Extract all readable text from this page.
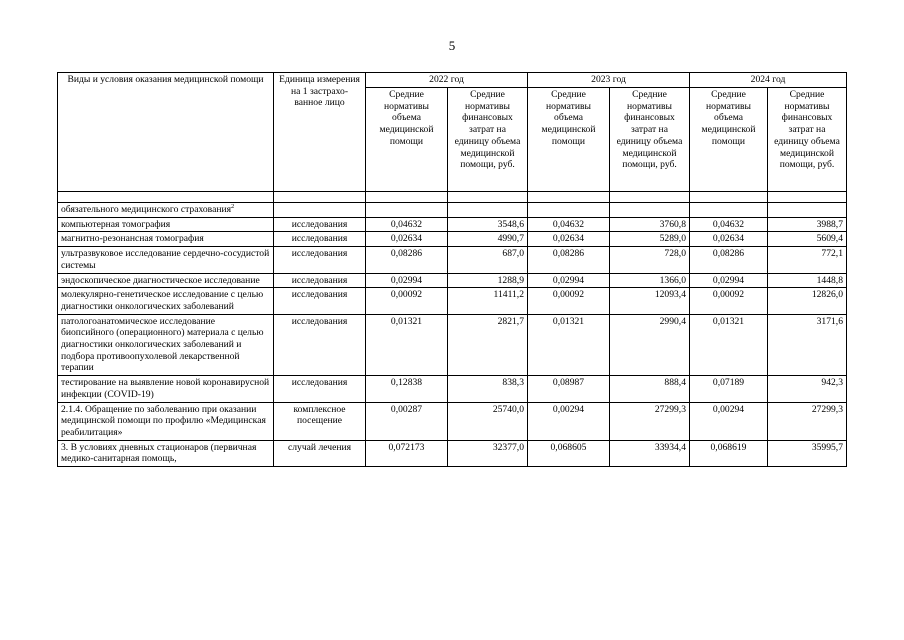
5
Виды и условия оказания медицинской помощи	Единица измерения на 1 застрахо-ванное лицо	2022 год		2023 год		2024 год	
		Средние нормативы объема медицинской помощи	Средние нормативы финансовых затрат на единицу объема медицинской помощи, руб.	Средние нормативы объема медицинской помощи	Средние нормативы финансовых затрат на единицу объема медицинской помощи, руб.	Средние нормативы объема медицинской помощи	Средние нормативы финансовых затрат на единицу объема медицинской помощи, руб.

обязательного медицинского страхования$^2$							
компьютерная томография	исследования	0,04632	3548,6	0,04632	3760,8	0,04632	3988,7
магнитно-резонансная томография	исследования	0,02634	4990,7	0,02634	5289,0	0,02634	5609,4
ультразвуковое исследование сердечно-сосудистой системы	исследования	0,08286	687,0	0,08286	728,0	0,08286	772,1
эндоскопическое диагностическое исследование	исследования	0,02994	1288,9	0,02994	1366,0	0,02994	1448,8
молекулярно-генетическое исследование с целью диагностики онкологических заболеваний	исследования	0,00092	11411,2	0,00092	12093,4	0,00092	12826,0
патологоанатомическое исследование биопсийного (операционного) материала с целью диагностики онкологических заболеваний и подбора противоопухолевой лекарственной терапии	исследования	0,01321	2821,7	0,01321	2990,4	0,01321	3171,6
тестирование на выявление новой коронавирусной инфекции (COVID-19)	исследования	0,12838	838,3	0,08987	888,4	0,07189	942,3
2.1.4. Обращение по заболеванию при оказании медицинской помощи по профилю «Медицинская реабилитация»	комплексное посещение	0,00287	25740,0	0,00294	27299,3	0,00294	27299,3
3. В условиях дневных стационаров (первичная медико-санитарная помощь,	случай лечения	0,072173	32377,0	0,068605	33934,4	0,068619	35995,7
